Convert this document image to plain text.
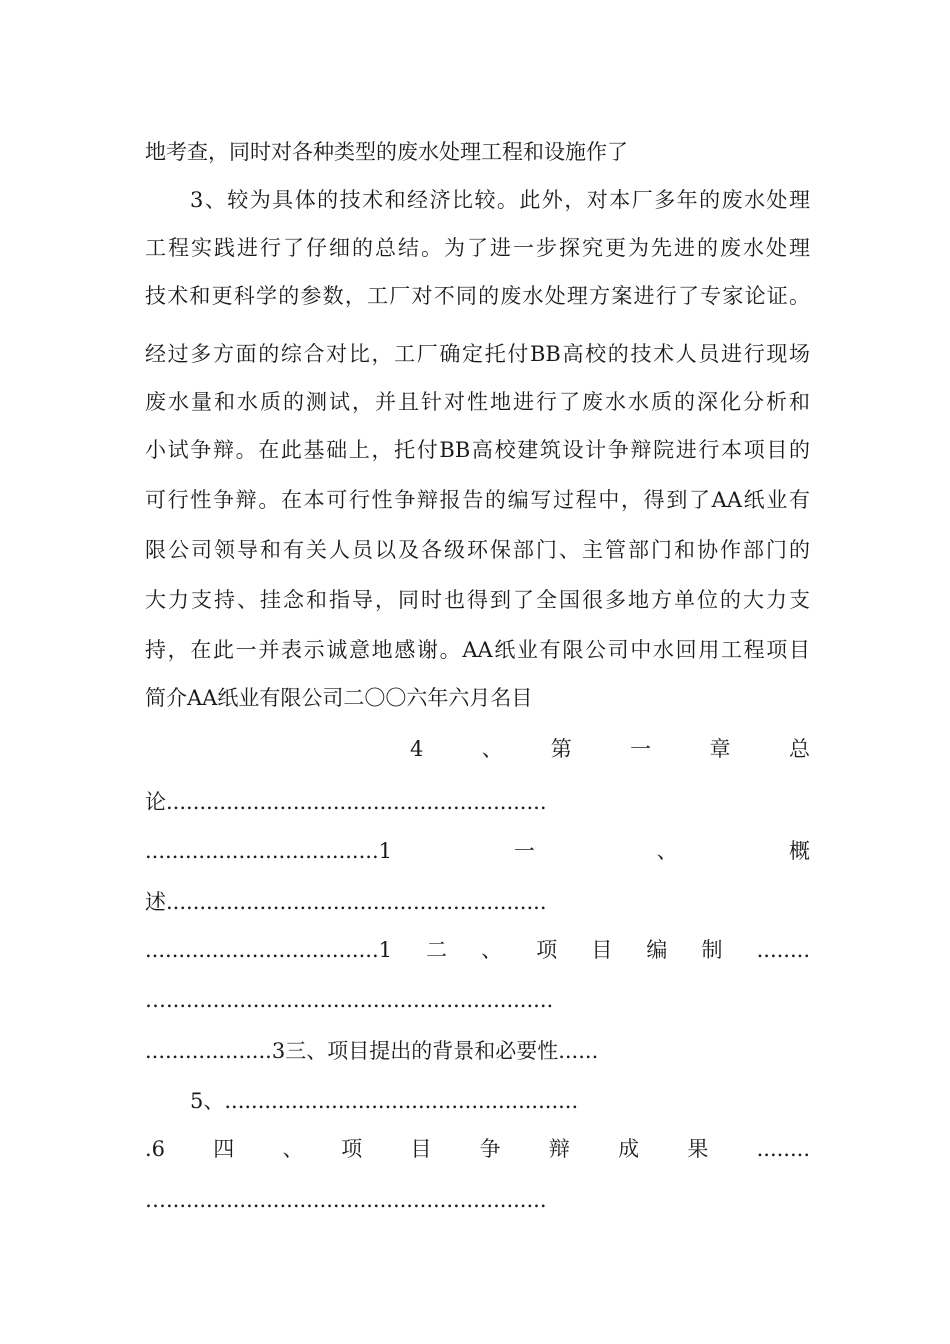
地考查，同时对各种类型的废水处理工程和设施作了
3、较为具体的技术和经济比较。此外，对本厂多年的废水处理
工程实践进行了仔细的总结。为了进一步探究更为先进的废水处理
技术和更科学的参数，工厂对不同的废水处理方案进行了专家论证。
经过多方面的综合对比，工厂确定托付BB高校的技术人员进行现场
废水量和水质的测试，并且针对性地进行了废水水质的深化分析和
小试争辩。在此基础上，托付BB高校建筑设计争辩院进行本项目的
可行性争辩。在本可行性争辩报告的编写过程中，得到了AA纸业有
限公司领导和有关人员以及各级环保部门、主管部门和协作部门的
大力支持、挂念和指导，同时也得到了全国很多地方单位的大力支
持，在此一并表示诚意地感谢。AA纸业有限公司中水回用工程项目
简介AA纸业有限公司二〇〇六年六月名目
4　、　第　一　章　总
论.........................................................
...................................1　一　、　概
述.........................................................
...................................1二、项目编制........
…..........................................................
...................3三、项目提出的背景和必要性......
5、.....................................................
.6　四　、　项　目　争　辩　成　果　........
….........................................................
